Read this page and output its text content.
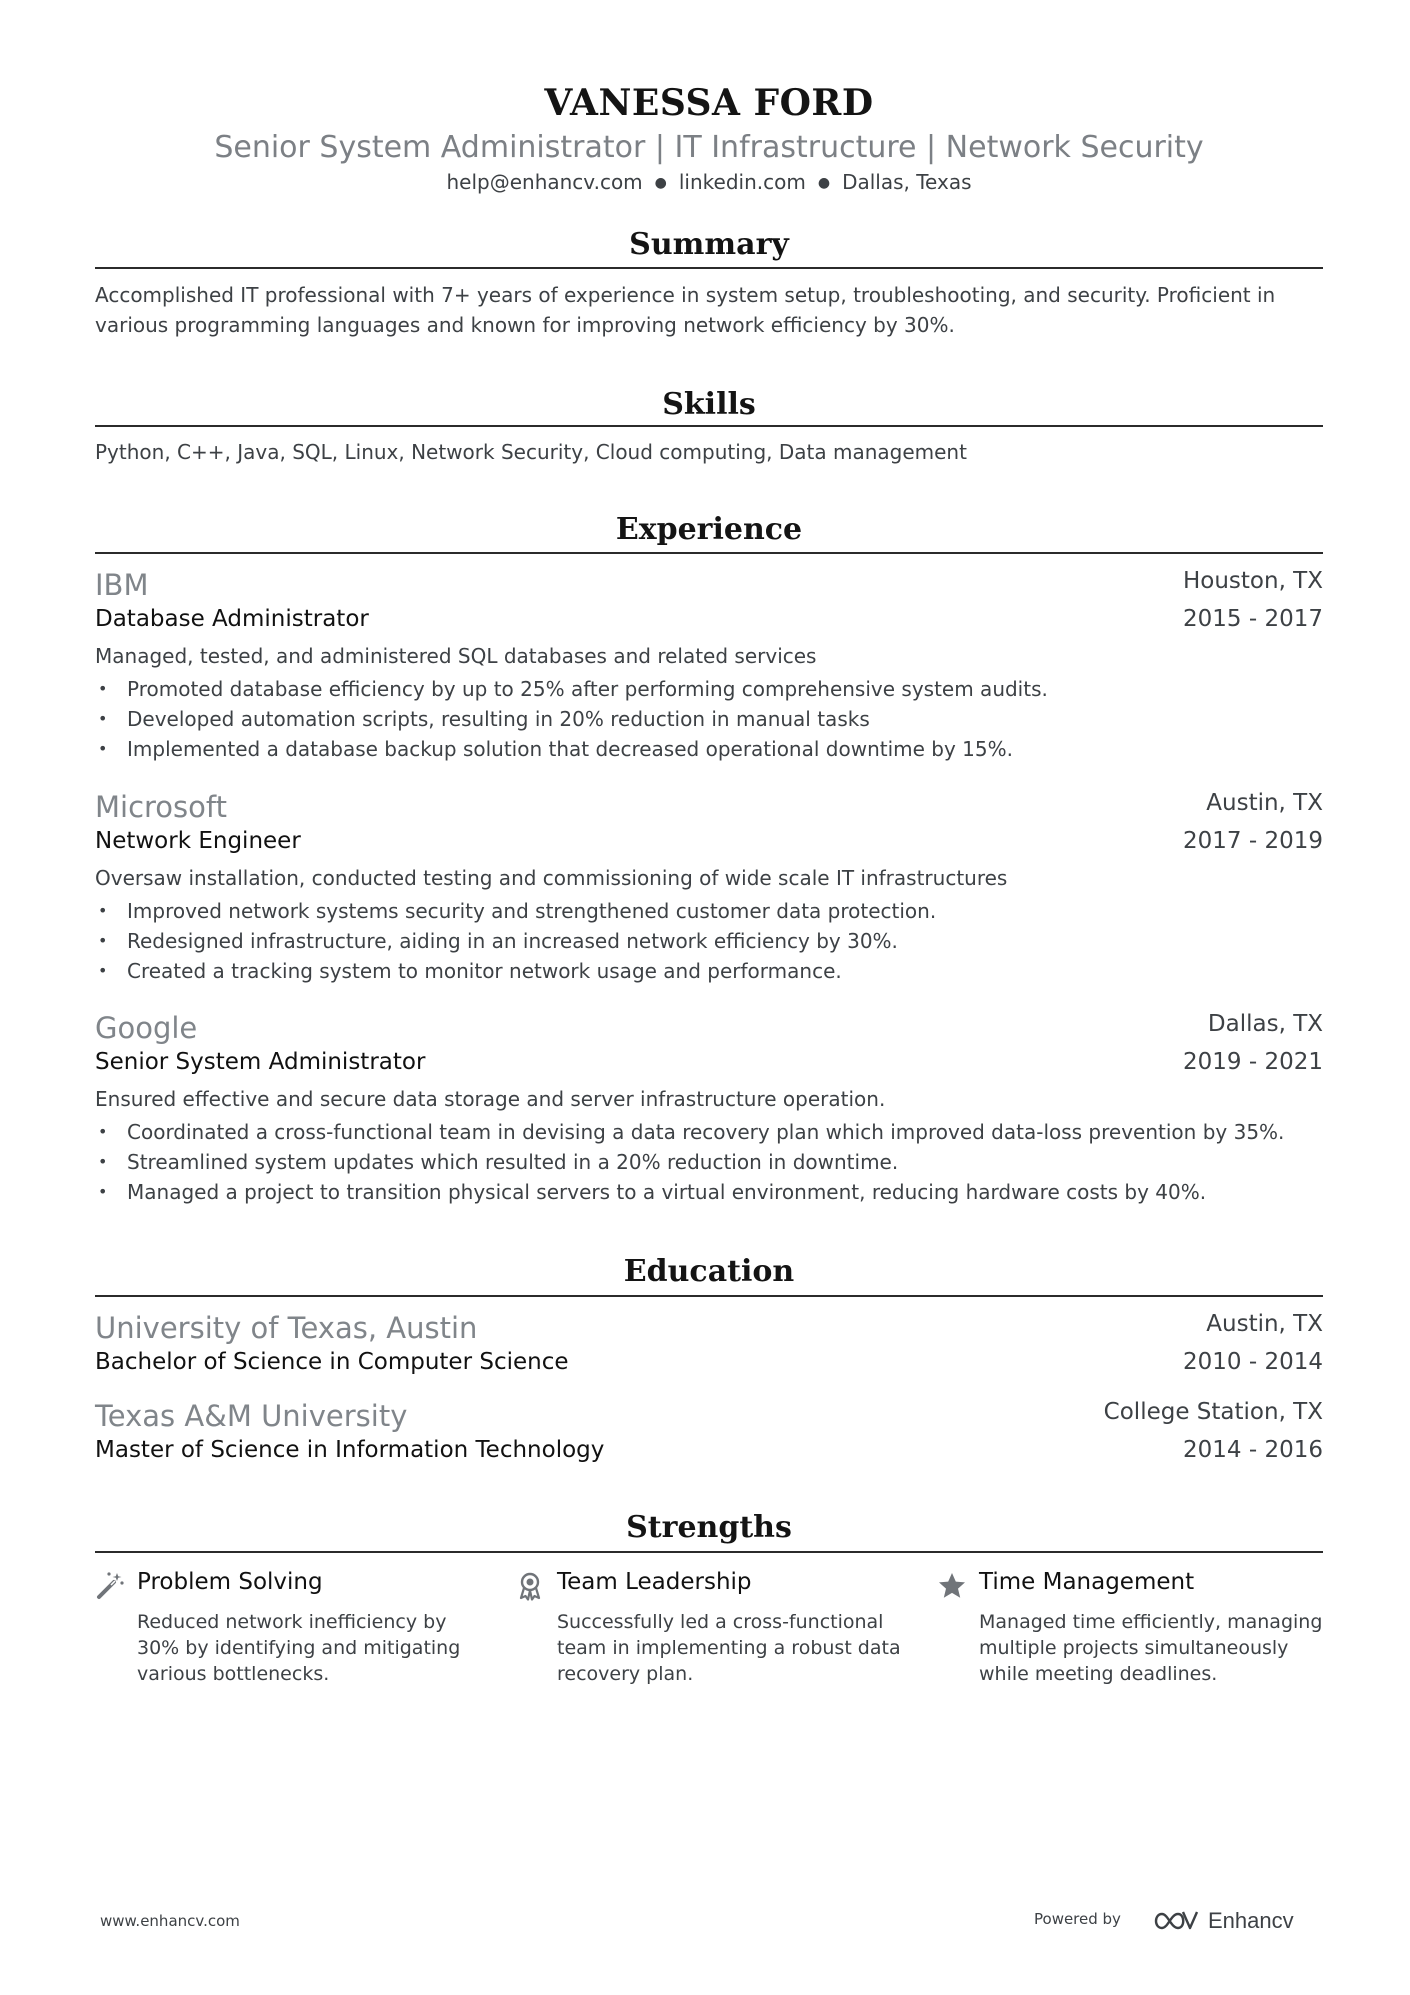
VANESSA FORD
Senior System Administrator | IT Infrastructure | Network Security
help@enhancv.com ● linkedin.com ● Dallas, Texas
Summary
Accomplished IT professional with 7+ years of experience in system setup, troubleshooting, and security. Proficient in various programming languages and known for improving network efficiency by 30%.
Skills
Python, C++, Java, SQL, Linux, Network Security, Cloud computing, Data management
Experience
IBM	Houston, TX
Database Administrator	2015 - 2017
Managed, tested, and administered SQL databases and related services
• Promoted database efficiency by up to 25% after performing comprehensive system audits.
• Developed automation scripts, resulting in 20% reduction in manual tasks
• Implemented a database backup solution that decreased operational downtime by 15%.
Microsoft	Austin, TX
Network Engineer	2017 - 2019
Oversaw installation, conducted testing and commissioning of wide scale IT infrastructures
• Improved network systems security and strengthened customer data protection.
• Redesigned infrastructure, aiding in an increased network efficiency by 30%.
• Created a tracking system to monitor network usage and performance.
Google	Dallas, TX
Senior System Administrator	2019 - 2021
Ensured effective and secure data storage and server infrastructure operation.
• Coordinated a cross-functional team in devising a data recovery plan which improved data-loss prevention by 35%.
• Streamlined system updates which resulted in a 20% reduction in downtime.
• Managed a project to transition physical servers to a virtual environment, reducing hardware costs by 40%.
Education
University of Texas, Austin	Austin, TX
Bachelor of Science in Computer Science	2010 - 2014
Texas A&M University	College Station, TX
Master of Science in Information Technology	2014 - 2016
Strengths
Problem Solving
Reduced network inefficiency by 30% by identifying and mitigating various bottlenecks.
Team Leadership
Successfully led a cross-functional team in implementing a robust data recovery plan.
Time Management
Managed time efficiently, managing multiple projects simultaneously while meeting deadlines.
www.enhancv.com	Powered by	Enhancv
